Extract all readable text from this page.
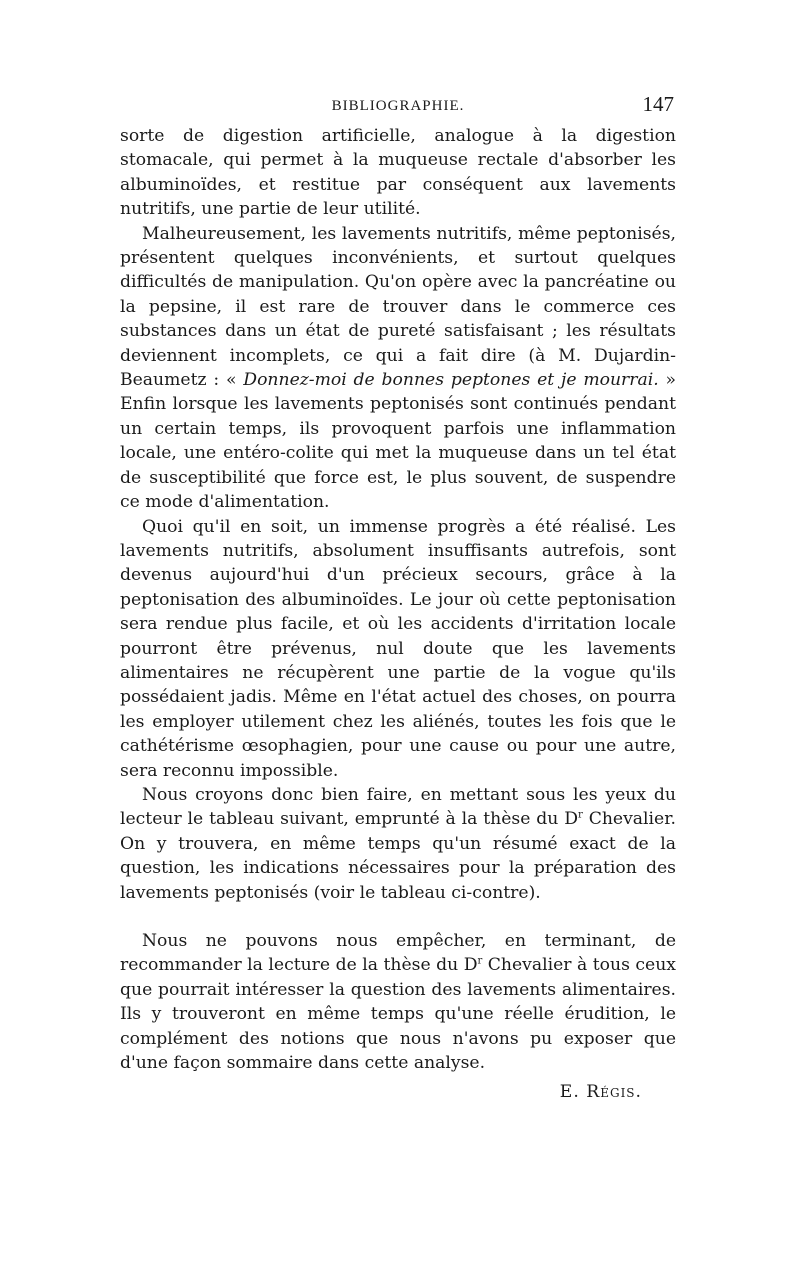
BIBLIOGRAPHIE.	147

sorte de digestion artificielle, analogue à la digestion stomacale, qui permet à la muqueuse rectale d'absorber les albuminoïdes, et restitue par conséquent aux lavements nutritifs, une partie de leur utilité.

Malheureusement, les lavements nutritifs, même peptonisés, présentent quelques inconvénients, et surtout quelques difficultés de manipulation. Qu'on opère avec la pancréatine ou la pepsine, il est rare de trouver dans le commerce ces substances dans un état de pureté satisfaisant ; les résultats deviennent incomplets, ce qui a fait dire (à M. Dujardin-Beaumetz : « Donnez-moi de bonnes peptones et je mourrai. » Enfin lorsque les lavements peptonisés sont continués pendant un certain temps, ils provoquent parfois une inflammation locale, une entéro-colite qui met la muqueuse dans un tel état de susceptibilité que force est, le plus souvent, de suspendre ce mode d'alimentation.

Quoi qu'il en soit, un immense progrès a été réalisé. Les lavements nutritifs, absolument insuffisants autrefois, sont devenus aujourd'hui d'un précieux secours, grâce à la peptonisation des albuminoïdes. Le jour où cette peptonisation sera rendue plus facile, et où les accidents d'irritation locale pourront être prévenus, nul doute que les lavements alimentaires ne récupèrent une partie de la vogue qu'ils possédaient jadis. Même en l'état actuel des choses, on pourra les employer utilement chez les aliénés, toutes les fois que le cathétérisme œsophagien, pour une cause ou pour une autre, sera reconnu impossible.

Nous croyons donc bien faire, en mettant sous les yeux du lecteur le tableau suivant, emprunté à la thèse du $D^r$ Chevalier. On y trouvera, en même temps qu'un résumé exact de la question, les indications nécessaires pour la préparation des lavements peptonisés (voir le tableau ci-contre).

Nous ne pouvons nous empêcher, en terminant, de recommander la lecture de la thèse du $D^r$ Chevalier à tous ceux que pourrait intéresser la question des lavements alimentaires. Ils y trouveront en même temps qu'une réelle érudition, le complément des notions que nous n'avons pu exposer que d'une façon sommaire dans cette analyse.

E. Régis.
